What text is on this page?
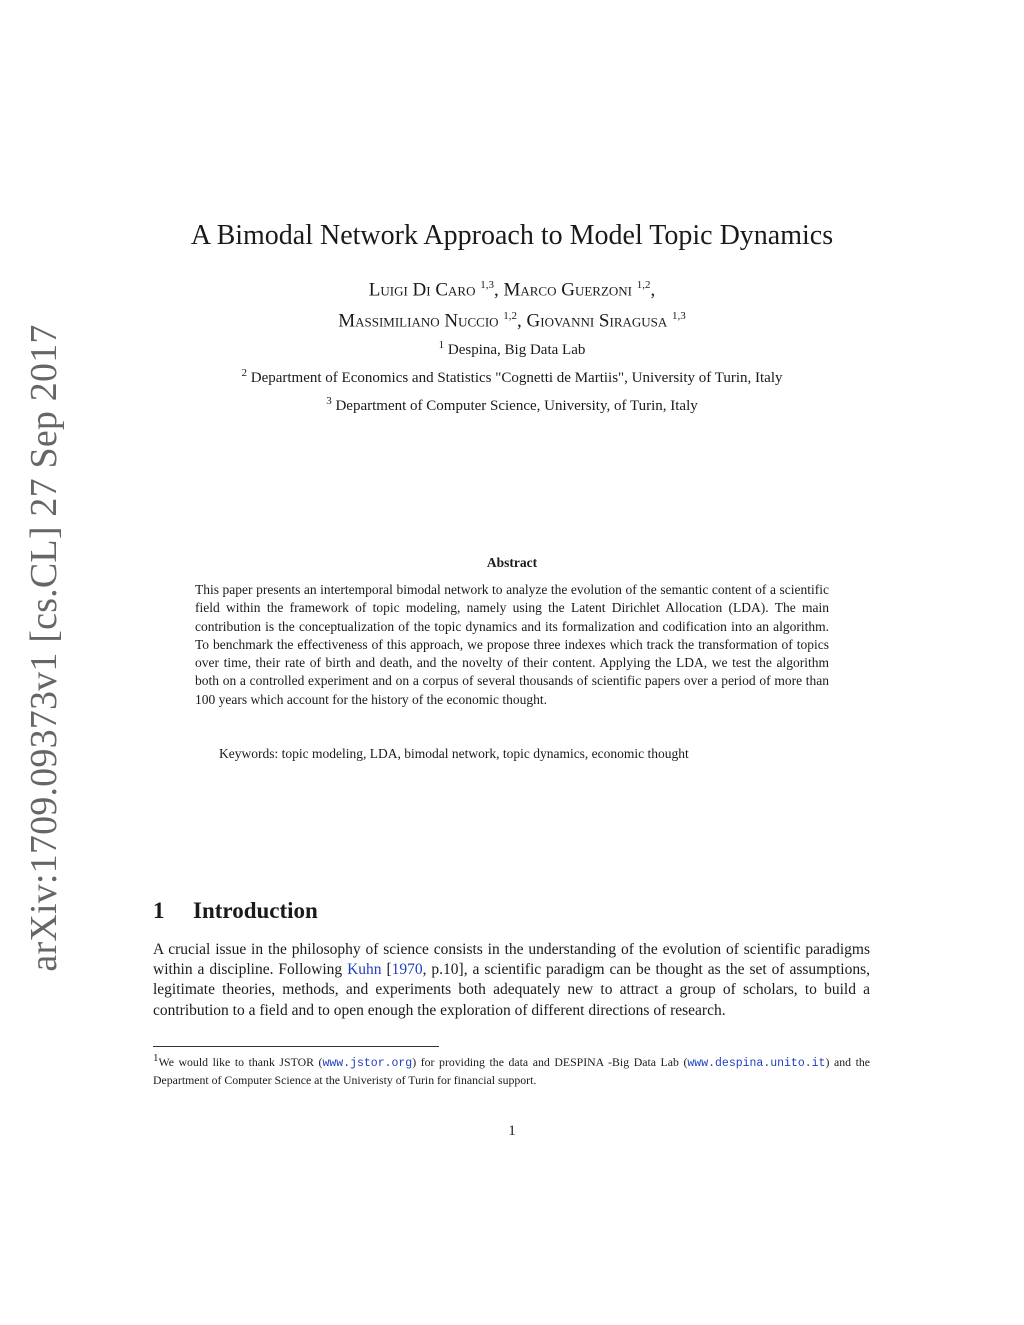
arXiv:1709.09373v1 [cs.CL] 27 Sep 2017
A Bimodal Network Approach to Model Topic Dynamics
Luigi Di Caro $^{1,3}$, Marco Guerzoni $^{1,2}$,
Massimiliano Nuccio $^{1,2}$, Giovanni Siragusa $^{1,3}$
$^1$ Despina, Big Data Lab
$^2$ Department of Economics and Statistics "Cognetti de Martiis", University of Turin, Italy
$^3$ Department of Computer Science, University, of Turin, Italy
Abstract
This paper presents an intertemporal bimodal network to analyze the evolution of the semantic content of a scientific field within the framework of topic modeling, namely using the Latent Dirichlet Allocation (LDA). The main contribution is the conceptualization of the topic dynamics and its formalization and codification into an algorithm. To benchmark the effectiveness of this approach, we propose three indexes which track the transformation of topics over time, their rate of birth and death, and the novelty of their content. Applying the LDA, we test the algorithm both on a controlled experiment and on a corpus of several thousands of scientific papers over a period of more than 100 years which account for the history of the economic thought.
Keywords: topic modeling, LDA, bimodal network, topic dynamics, economic thought
1 Introduction
A crucial issue in the philosophy of science consists in the understanding of the evolution of scientific paradigms within a discipline. Following Kuhn [1970, p.10], a scientific paradigm can be thought as the set of assumptions, legitimate theories, methods, and experiments both adequately new to attract a group of scholars, to build a contribution to a field and to open enough the exploration of different directions of research.
$^1$We would like to thank JSTOR (www.jstor.org) for providing the data and DESPINA -Big Data Lab (www.despina.unito.it) and the Department of Computer Science at the Univeristy of Turin for financial support.
1
